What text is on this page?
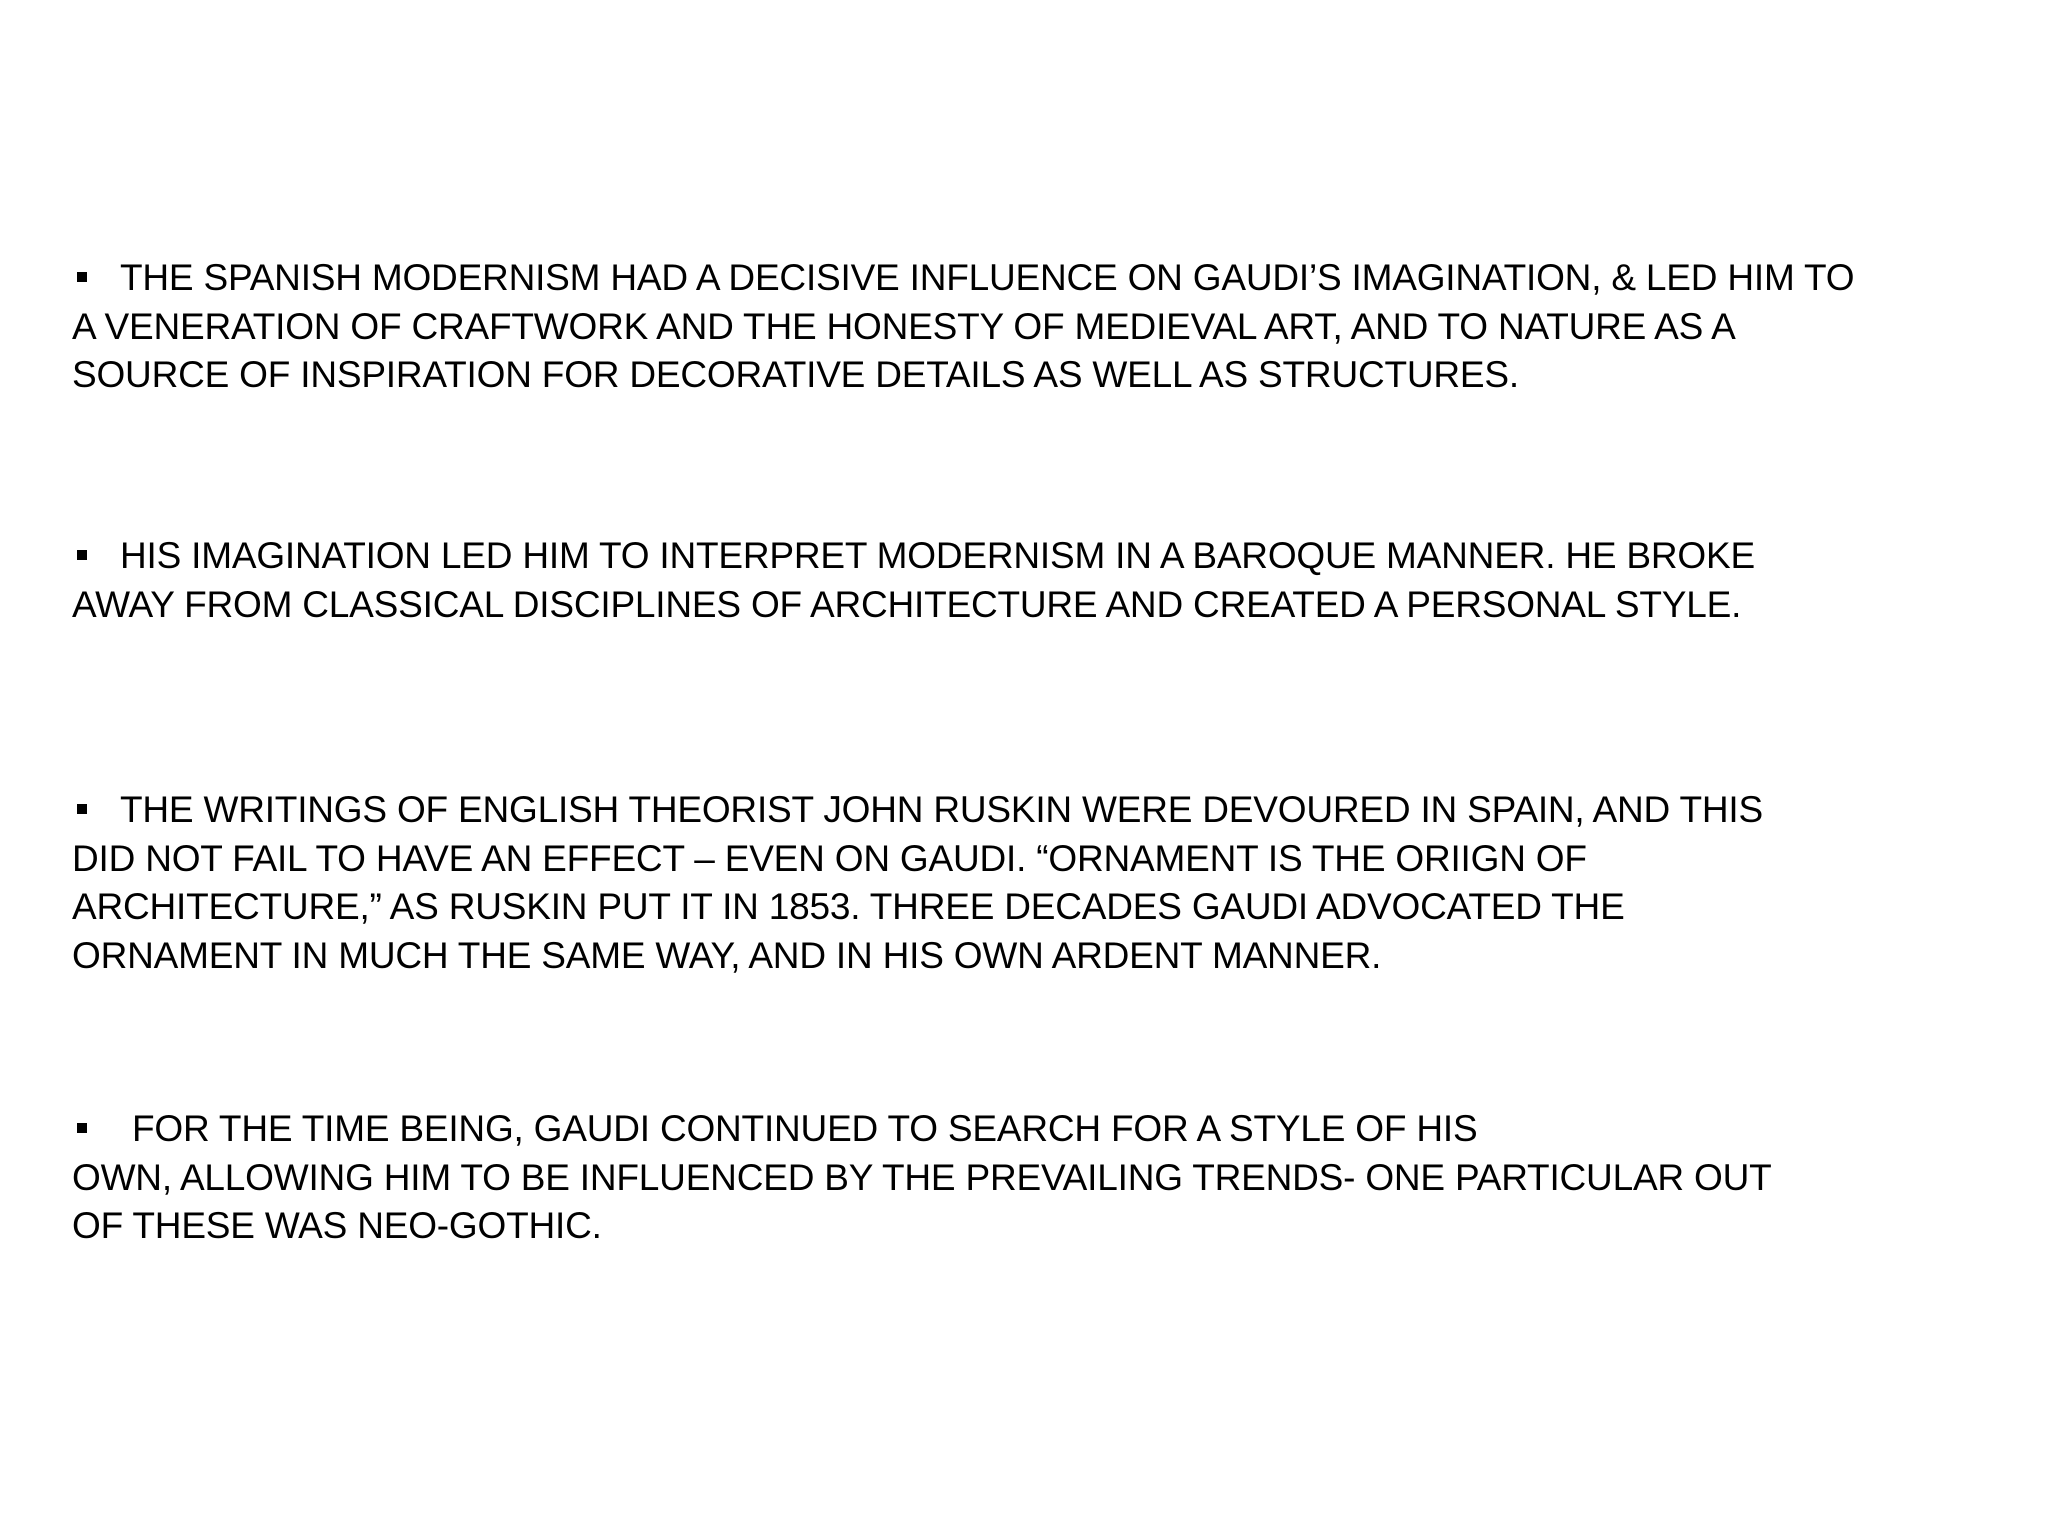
THE SPANISH MODERNISM HAD A DECISIVE INFLUENCE ON GAUDI’S IMAGINATION, & LED HIM TO
A VENERATION OF CRAFTWORK AND THE HONESTY OF MEDIEVAL ART, AND TO NATURE AS A
SOURCE OF INSPIRATION FOR DECORATIVE DETAILS AS WELL AS STRUCTURES.
HIS IMAGINATION LED HIM TO INTERPRET MODERNISM IN A BAROQUE MANNER. HE BROKE
AWAY FROM CLASSICAL DISCIPLINES OF ARCHITECTURE AND CREATED A PERSONAL STYLE.
THE WRITINGS OF ENGLISH THEORIST JOHN RUSKIN WERE DEVOURED IN SPAIN, AND THIS
DID NOT FAIL TO HAVE AN EFFECT – EVEN ON GAUDI. “ORNAMENT IS THE ORIIGN OF
ARCHITECTURE,” AS RUSKIN PUT IT IN 1853. THREE DECADES GAUDI ADVOCATED THE
ORNAMENT IN MUCH THE SAME WAY, AND IN HIS OWN ARDENT MANNER.
FOR THE TIME BEING, GAUDI CONTINUED TO SEARCH FOR A STYLE OF HIS
OWN, ALLOWING HIM TO BE INFLUENCED BY THE PREVAILING TRENDS- ONE PARTICULAR OUT
OF THESE WAS NEO-GOTHIC.
